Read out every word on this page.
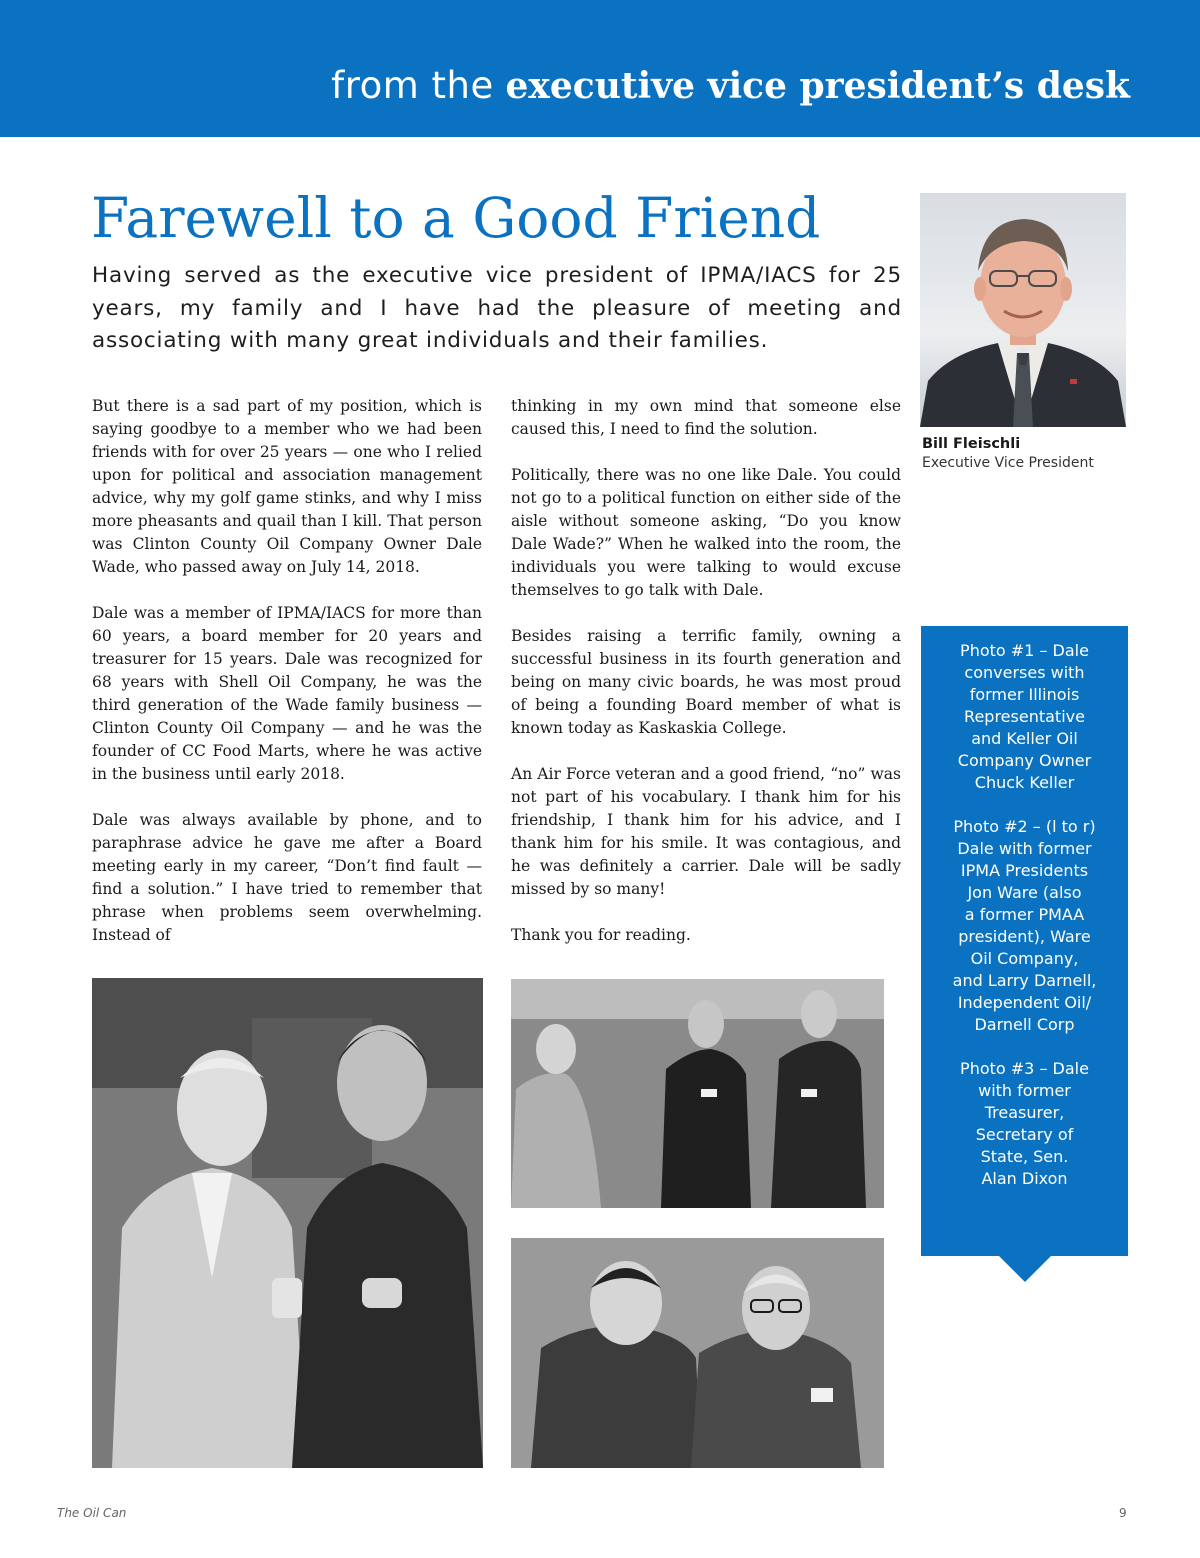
from the executive vice president’s desk
Farewell to a Good Friend

Having served as the executive vice president of IPMA/IACS for 25 years, my family and I have had the pleasure of meeting and associating with many great individuals and their families.

But there is a sad part of my position, which is saying goodbye to a member who we had been friends with for over 25 years — one who I relied upon for political and association management advice, why my golf game stinks, and why I miss more pheasants and quail than I kill. That person was Clinton County Oil Company Owner Dale Wade, who passed away on July 14, 2018.

Dale was a member of IPMA/IACS for more than 60 years, a board member for 20 years and treasurer for 15 years. Dale was recognized for 68 years with Shell Oil Company, he was the third generation of the Wade family business — Clinton County Oil Company — and he was the founder of CC Food Marts, where he was active in the business until early 2018.

Dale was always available by phone, and to paraphrase advice he gave me after a Board meeting early in my career, “Don’t find fault — find a solution.” I have tried to remember that phrase when problems seem overwhelming. Instead of

thinking in my own mind that someone else caused this, I need to find the solution.

Politically, there was no one like Dale. You could not go to a political function on either side of the aisle without someone asking, “Do you know Dale Wade?” When he walked into the room, the individuals you were talking to would excuse themselves to go talk with Dale.

Besides raising a terrific family, owning a successful business in its fourth generation and being on many civic boards, he was most proud of being a founding Board member of what is known today as Kaskaskia College.

An Air Force veteran and a good friend, “no” was not part of his vocabulary. I thank him for his friendship, I thank him for his advice, and I thank him for his smile. It was contagious, and he was definitely a carrier. Dale will be sadly missed by so many!

Thank you for reading.

Bill Fleischli
Executive Vice President

Photo #1 – Dale
converses with
former Illinois
Representative
and Keller Oil
Company Owner
Chuck Keller

Photo #2 – (l to r)
Dale with former
IPMA Presidents
Jon Ware (also
a former PMAA
president), Ware
Oil Company,
and Larry Darnell,
Independent Oil/
Darnell Corp

Photo #3 – Dale
with former
Treasurer,
Secretary of
State, Sen.
Alan Dixon

The Oil Can	9
